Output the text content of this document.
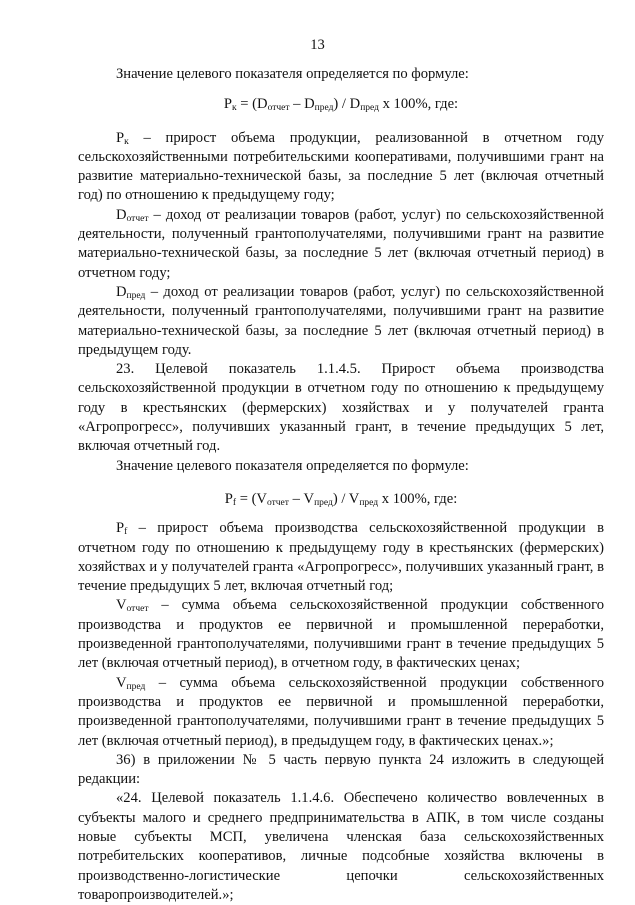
13

Значение целевого показателя определяется по формуле:

$P_к = (D_{отчет} - D_{пред}) / D_{пред}$ x 100%, где:

$P_к$ – прирост объема продукции, реализованной в отчетном году сельскохозяйственными потребительскими кооперативами, получившими грант на развитие материально-технической базы, за последние 5 лет (включая отчетный год) по отношению к предыдущему году;

$D_{отчет}$ – доход от реализации товаров (работ, услуг) по сельскохозяйственной деятельности, полученный грантополучателями, получившими грант на развитие материально-технической базы, за последние 5 лет (включая отчетный период) в отчетном году;

$D_{пред}$ – доход от реализации товаров (работ, услуг) по сельскохозяйственной деятельности, полученный грантополучателями, получившими грант на развитие материально-технической базы, за последние 5 лет (включая отчетный период) в предыдущем году.

23. Целевой показатель 1.1.4.5. Прирост объема производства сельскохозяйственной продукции в отчетном году по отношению к предыдущему году в крестьянских (фермерских) хозяйствах и у получателей гранта «Агропрогресс», получивших указанный грант, в течение предыдущих 5 лет, включая отчетный год.

Значение целевого показателя определяется по формуле:

$P_f = (V_{отчет} - V_{пред}) / V_{пред}$ x 100%, где:

$P_f$ – прирост объема производства сельскохозяйственной продукции в отчетном году по отношению к предыдущему году в крестьянских (фермерских) хозяйствах и у получателей гранта «Агропрогресс», получивших указанный грант, в течение предыдущих 5 лет, включая отчетный год;

$V_{отчет}$ – сумма объема сельскохозяйственной продукции собственного производства и продуктов ее первичной и промышленной переработки, произведенной грантополучателями, получившими грант в течение предыдущих 5 лет (включая отчетный период), в отчетном году, в фактических ценах;

$V_{пред}$ – сумма объема сельскохозяйственной продукции собственного производства и продуктов ее первичной и промышленной переработки, произведенной грантополучателями, получившими грант в течение предыдущих 5 лет (включая отчетный период), в предыдущем году, в фактических ценах.»;

36) в приложении № 5 часть первую пункта 24 изложить в следующей редакции:

«24. Целевой показатель 1.1.4.6. Обеспечено количество вовлеченных в субъекты малого и среднего предпринимательства в АПК, в том числе созданы новые субъекты МСП, увеличена членская база сельскохозяйственных потребительских кооперативов, личные подсобные хозяйства включены в производственно-логистические цепочки сельскохозяйственных товаропроизводителей.»;
